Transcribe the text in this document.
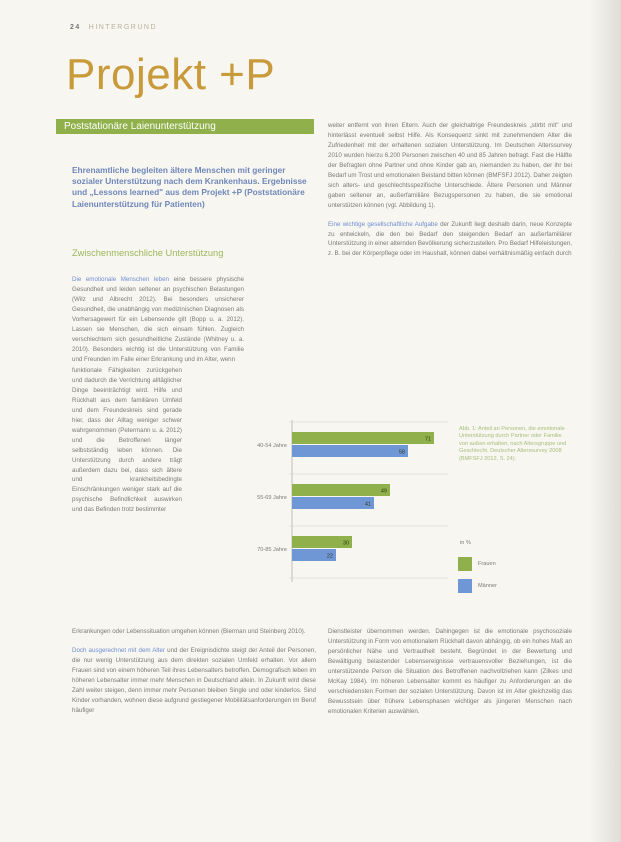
24 HINTERGRUND
Projekt +P
Poststationäre Laienunterstützung
Ehrenamtliche begleiten ältere Menschen mit geringer sozialer Unterstützung nach dem Krankenhaus. Ergebnisse und „Lessons learned" aus dem Projekt +P (Poststationäre Laienunterstützung für Patienten)
Zwischenmenschliche Unterstützung

Die emotionale Menschen leben eine bessere physische Gesundheit und leiden seltener an psychischen Belastungen (Wilz und Albrecht 2012). Bei besonders unsicherer Gesundheit, die unabhängig von medizinischen Diagnosen als Vorhersagewert für ein Lebensende gilt (Bopp u. a. 2012). Lassen sie Menschen, die sich einsam fühlen. Zugleich verschlechtern sich gesundheitliche Zustände (Whitney u. a. 2010). Besonders wichtig ist die Unterstützung von Familie und Freunden im Falle einer Erkrankung und im Alter, wenn

funktionale Fähigkeiten zurückgehen und dadurch die Verrichtung alltäglicher Dinge beeinträchtigt wird. Hilfe und Rückhalt aus dem familiären Umfeld und dem Freundeskreis sind gerade hier, dass der Alltag weniger schwer wahrgenommen (Petermann u. a. 2012) und die Betroffenen länger selbstständig leben können. Die Unterstützung durch andere trägt außerdem dazu bei, dass sich ältere und krankheitsbedingte Einschränkungen weniger stark auf die psychische Befindlichkeit auswirken und das Befinden trotz bestimmter

Erkrankungen oder Lebenssituation umgehen können (Bierman und Steinberg 2010).

Doch ausgerechnet mit dem Alter und der Ereignisdichte steigt der Anteil der Personen, die nur wenig Unterstützung aus dem direkten sozialen Umfeld erhalten. Vor allem Frauen sind von einem höheren Teil ihres Lebensalters betroffen. Demografisch leben im höheren Lebensalter immer mehr Menschen in Deutschland allein. In Zukunft wird diese Zahl weiter steigen, denn immer mehr Personen bleiben Single und oder kinderlos. Sind Kinder vorhanden, wohnen diese aufgrund gestiegener Mobilitätsanforderungen im Beruf häufiger

weiter entfernt von ihren Eltern. Auch der gleichaltrige Freundeskreis „stirbt mit" und hinterlässt eventuell selbst Hilfe. Als Konsequenz sinkt mit zunehmendem Alter die Zufriedenheit mit der erhaltenen sozialen Unterstützung. Im Deutschen Alterssurvey 2010 wurden hierzu 6.200 Personen zwischen 40 und 85 Jahren befragt. Fast die Hälfte der Befragten ohne Partner und ohne Kinder gab an, niemanden zu haben, der ihr bei Bedarf um Trost und emotionalen Beistand bitten können (BMFSFJ 2012). Daher zeigten sich alters- und geschlechtsspezifische Unterschiede. Ältere Personen und Männer gaben seltener an, außerfamiliäre Bezugspersonen zu haben, die sie emotional unterstützen können (vgl. Abbildung 1).

Eine wichtige gesellschaftliche Aufgabe der Zukunft liegt deshalb darin, neue Konzepte zu entwickeln, die den bei Bedarf den steigenden Bedarf an außerfamiliärer Unterstützung in einer alternden Bevölkerung sicherzustellen. Pro Bedarf Hilfeleistungen, z. B. bei der Körperpflege oder im Haushalt, können dabei verhältnismäßig einfach durch

Dienstleister übernommen werden. Dahingegen ist die emotionale psychosoziale Unterstützung in Form von emotionalem Rückhalt davon abhängig, ob ein hohes Maß an persönlicher Nähe und Vertrautheit besteht. Begründet in der Bewertung und Bewältigung belastender Lebensereignisse vertrauensvoller Beziehungen, ist die unterstützende Person die Situation des Betroffenen nachvollziehen kann (Zilkes und McKay 1984). Im höheren Lebensalter kommt es häufiger zu Anforderungen an die verschiedensten Formen der sozialen Unterstützung. Davon ist im Alter gleichzeitig das Bewusstsein über frühere Lebensphasen wichtiger als jüngeren Menschen nach emotionalen Kriterien auswählen.

40-54 Jahre
71
58
55-69 Jahre
49
41
70-85 Jahre
30
22
Abb. 1: Anteil an Personen, die emotionale Unterstützung durch Partner oder Familie von außen erhalten, nach Altersgruppe und Geschlecht. Deutscher Alterssurvey 2008 (BMFSFJ 2012, S. 24).
in %
Frauen
Männer
